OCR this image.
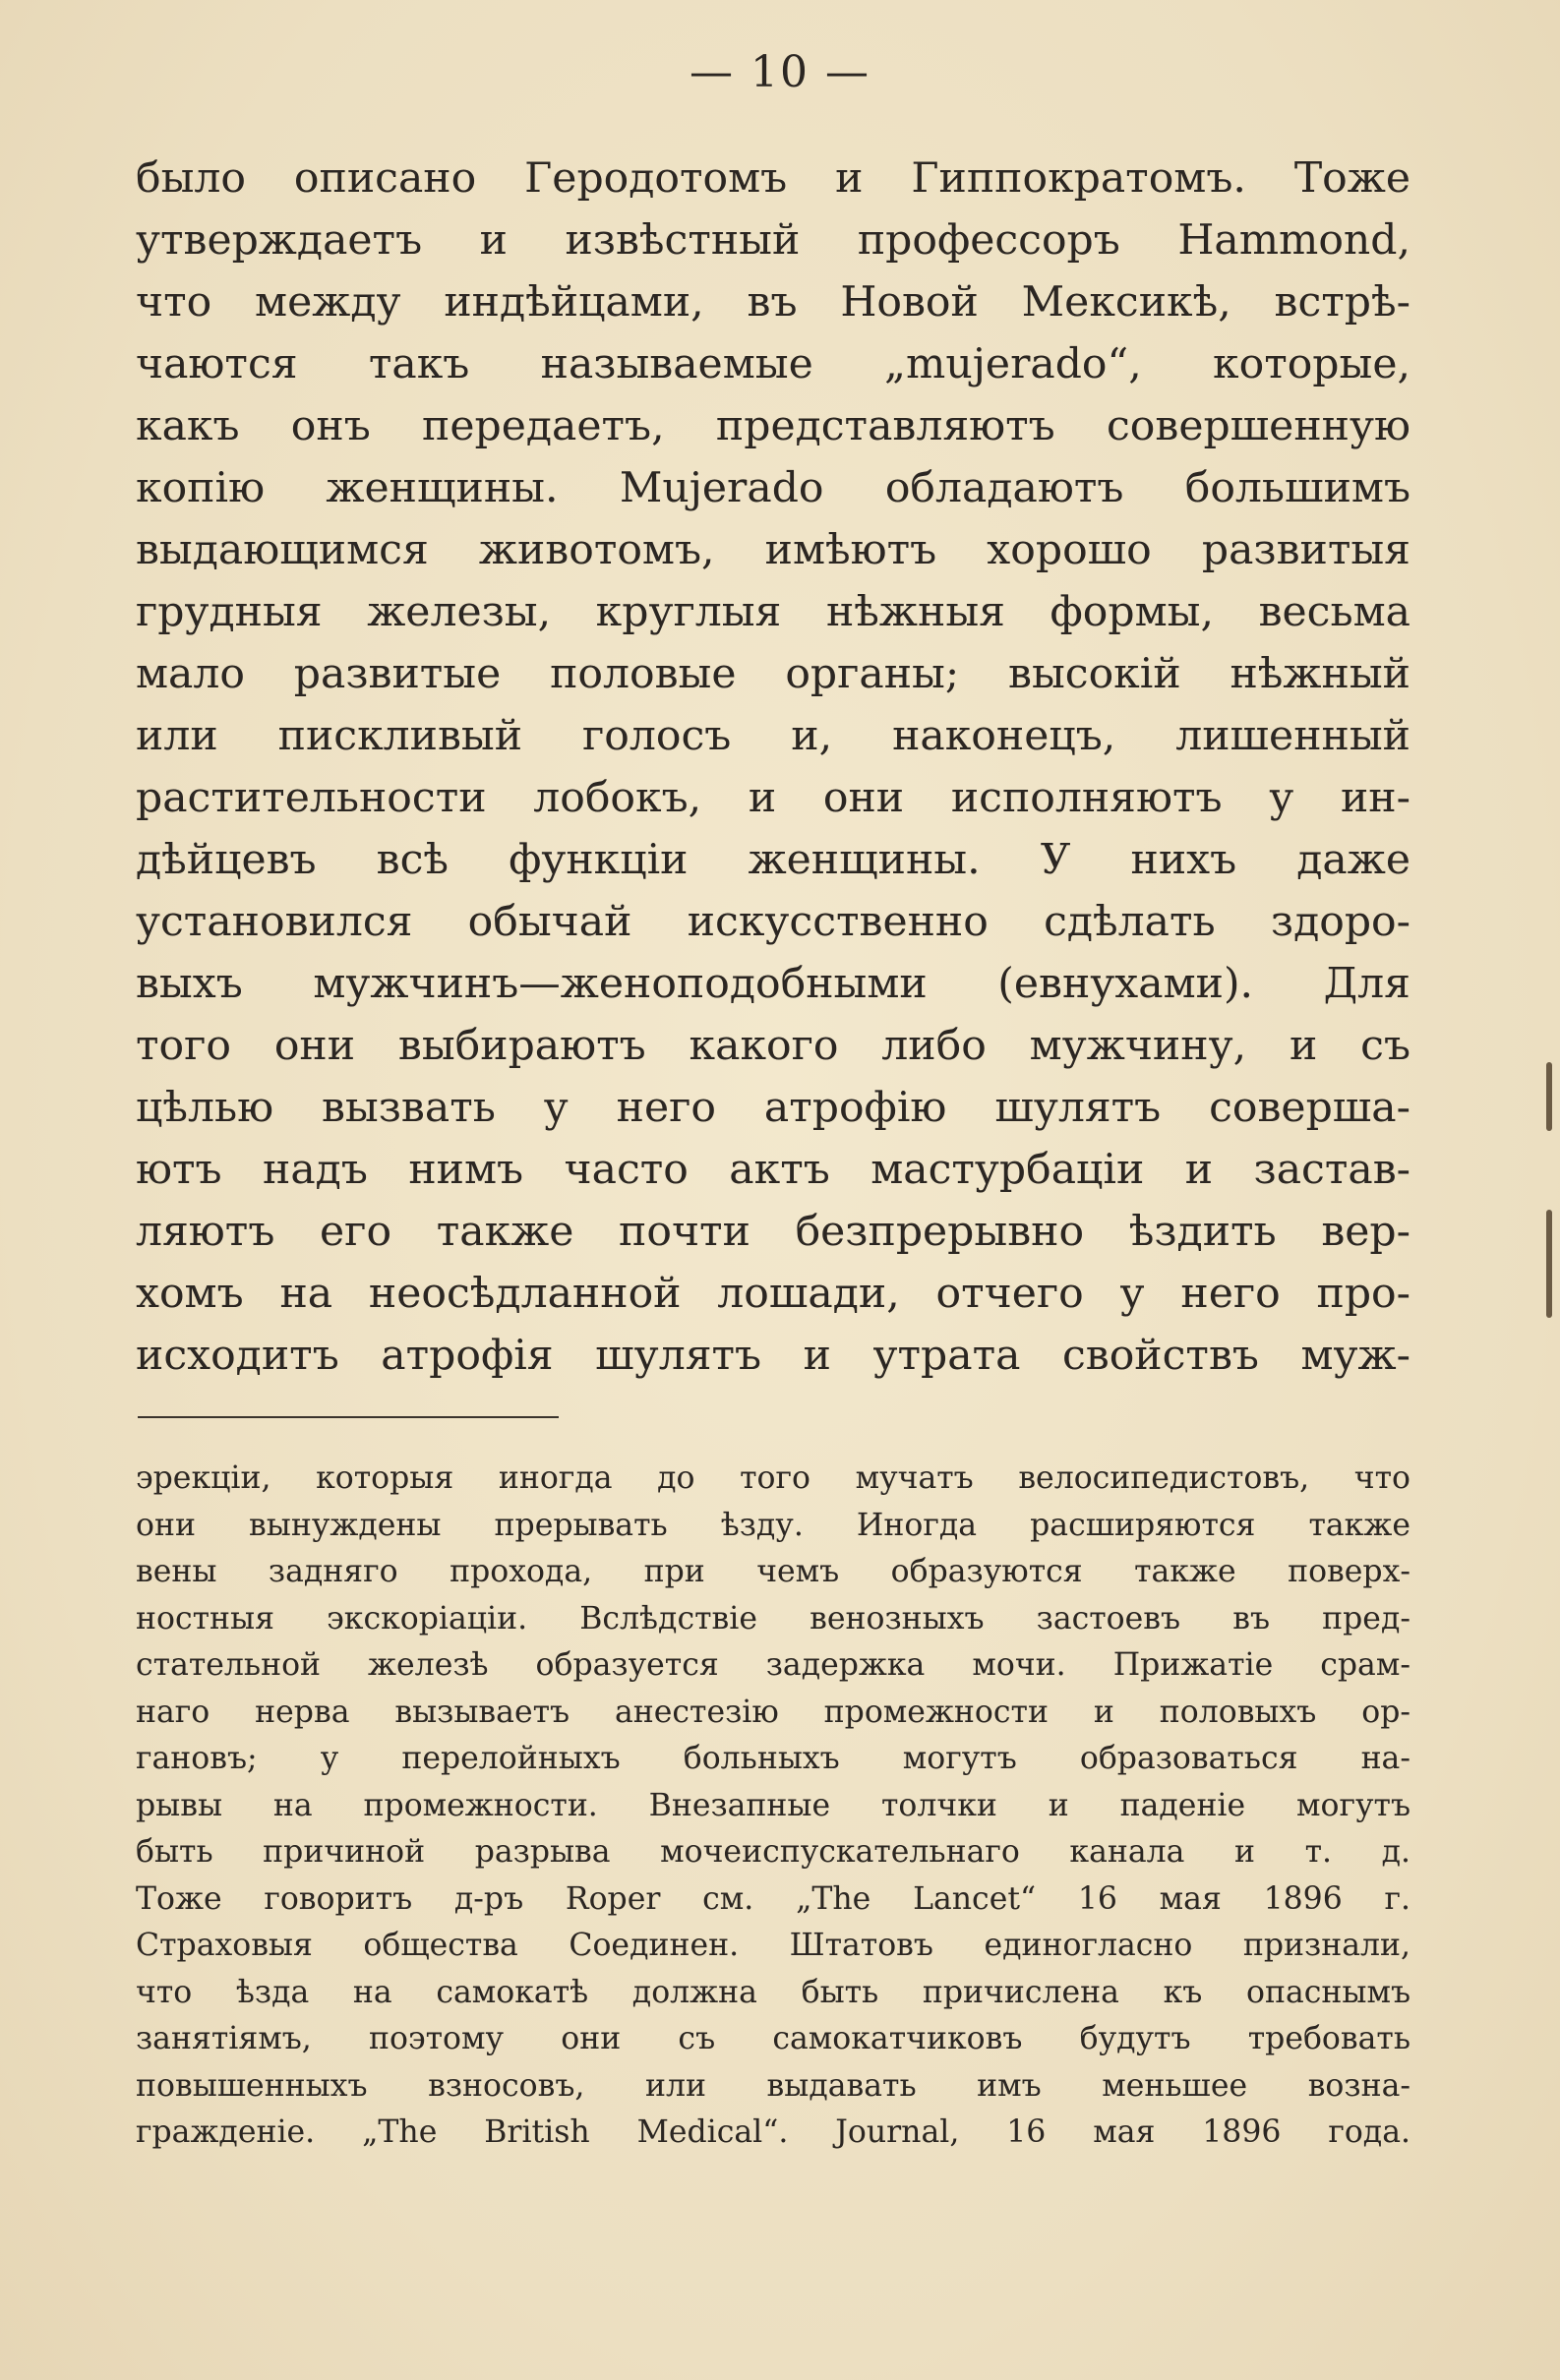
— 10 —
было описано Геродотомъ и Гиппократомъ. Тоже
утверждаетъ и извѣстный профессоръ Hammond,
что между индѣйцами, въ Новой Мексикѣ, встрѣ-
чаются такъ называемые „mujerado“, которые,
какъ онъ передаетъ, представляютъ совершенную
копію женщины. Mujerado обладаютъ большимъ
выдающимся животомъ, имѣютъ хорошо развитыя
грудныя железы, круглыя нѣжныя формы, весьма
мало развитые половые органы; высокій нѣжный
или пискливый голосъ и, наконецъ, лишенный
растительности лобокъ, и они исполняютъ у ин-
дѣйцевъ всѣ функціи женщины. У нихъ даже
установился обычай искусственно сдѣлать здоро-
выхъ мужчинъ—женоподобными (евнухами). Для
того они выбираютъ какого либо мужчину, и съ
цѣлью вызвать у него атрофію шулятъ соверша-
ютъ надъ нимъ часто актъ мастурбаціи и застав-
ляютъ его также почти безпрерывно ѣздить вер-
хомъ на неосѣдланной лошади, отчего у него про-
исходитъ атрофія шулятъ и утрата свойствъ муж-
эрекціи, которыя иногда до того мучатъ велосипедистовъ, что
они вынуждены прерывать ѣзду. Иногда расширяются также
вены задняго прохода, при чемъ образуются также поверх-
ностныя экскоріаціи. Вслѣдствіе венозныхъ застоевъ въ пред-
стательной железѣ образуется задержка мочи. Прижатіе срам-
наго нерва вызываетъ анестезію промежности и половыхъ ор-
гановъ; у перелойныхъ больныхъ могутъ образоваться на-
рывы на промежности. Внезапные толчки и паденіе могутъ
быть причиной разрыва мочеиспускательнаго канала и т. д.
Тоже говоритъ д-ръ Roper см. „The Lancet“ 16 мая 1896 г.
Страховыя общества Соединен. Штатовъ единогласно признали,
что ѣзда на самокатѣ должна быть причислена къ опаснымъ
занятіямъ, поэтому они съ самокатчиковъ будутъ требовать
повышенныхъ взносовъ, или выдавать имъ меньшее возна-
гражденіе. „The British Medical“. Journal, 16 мая 1896 года.
